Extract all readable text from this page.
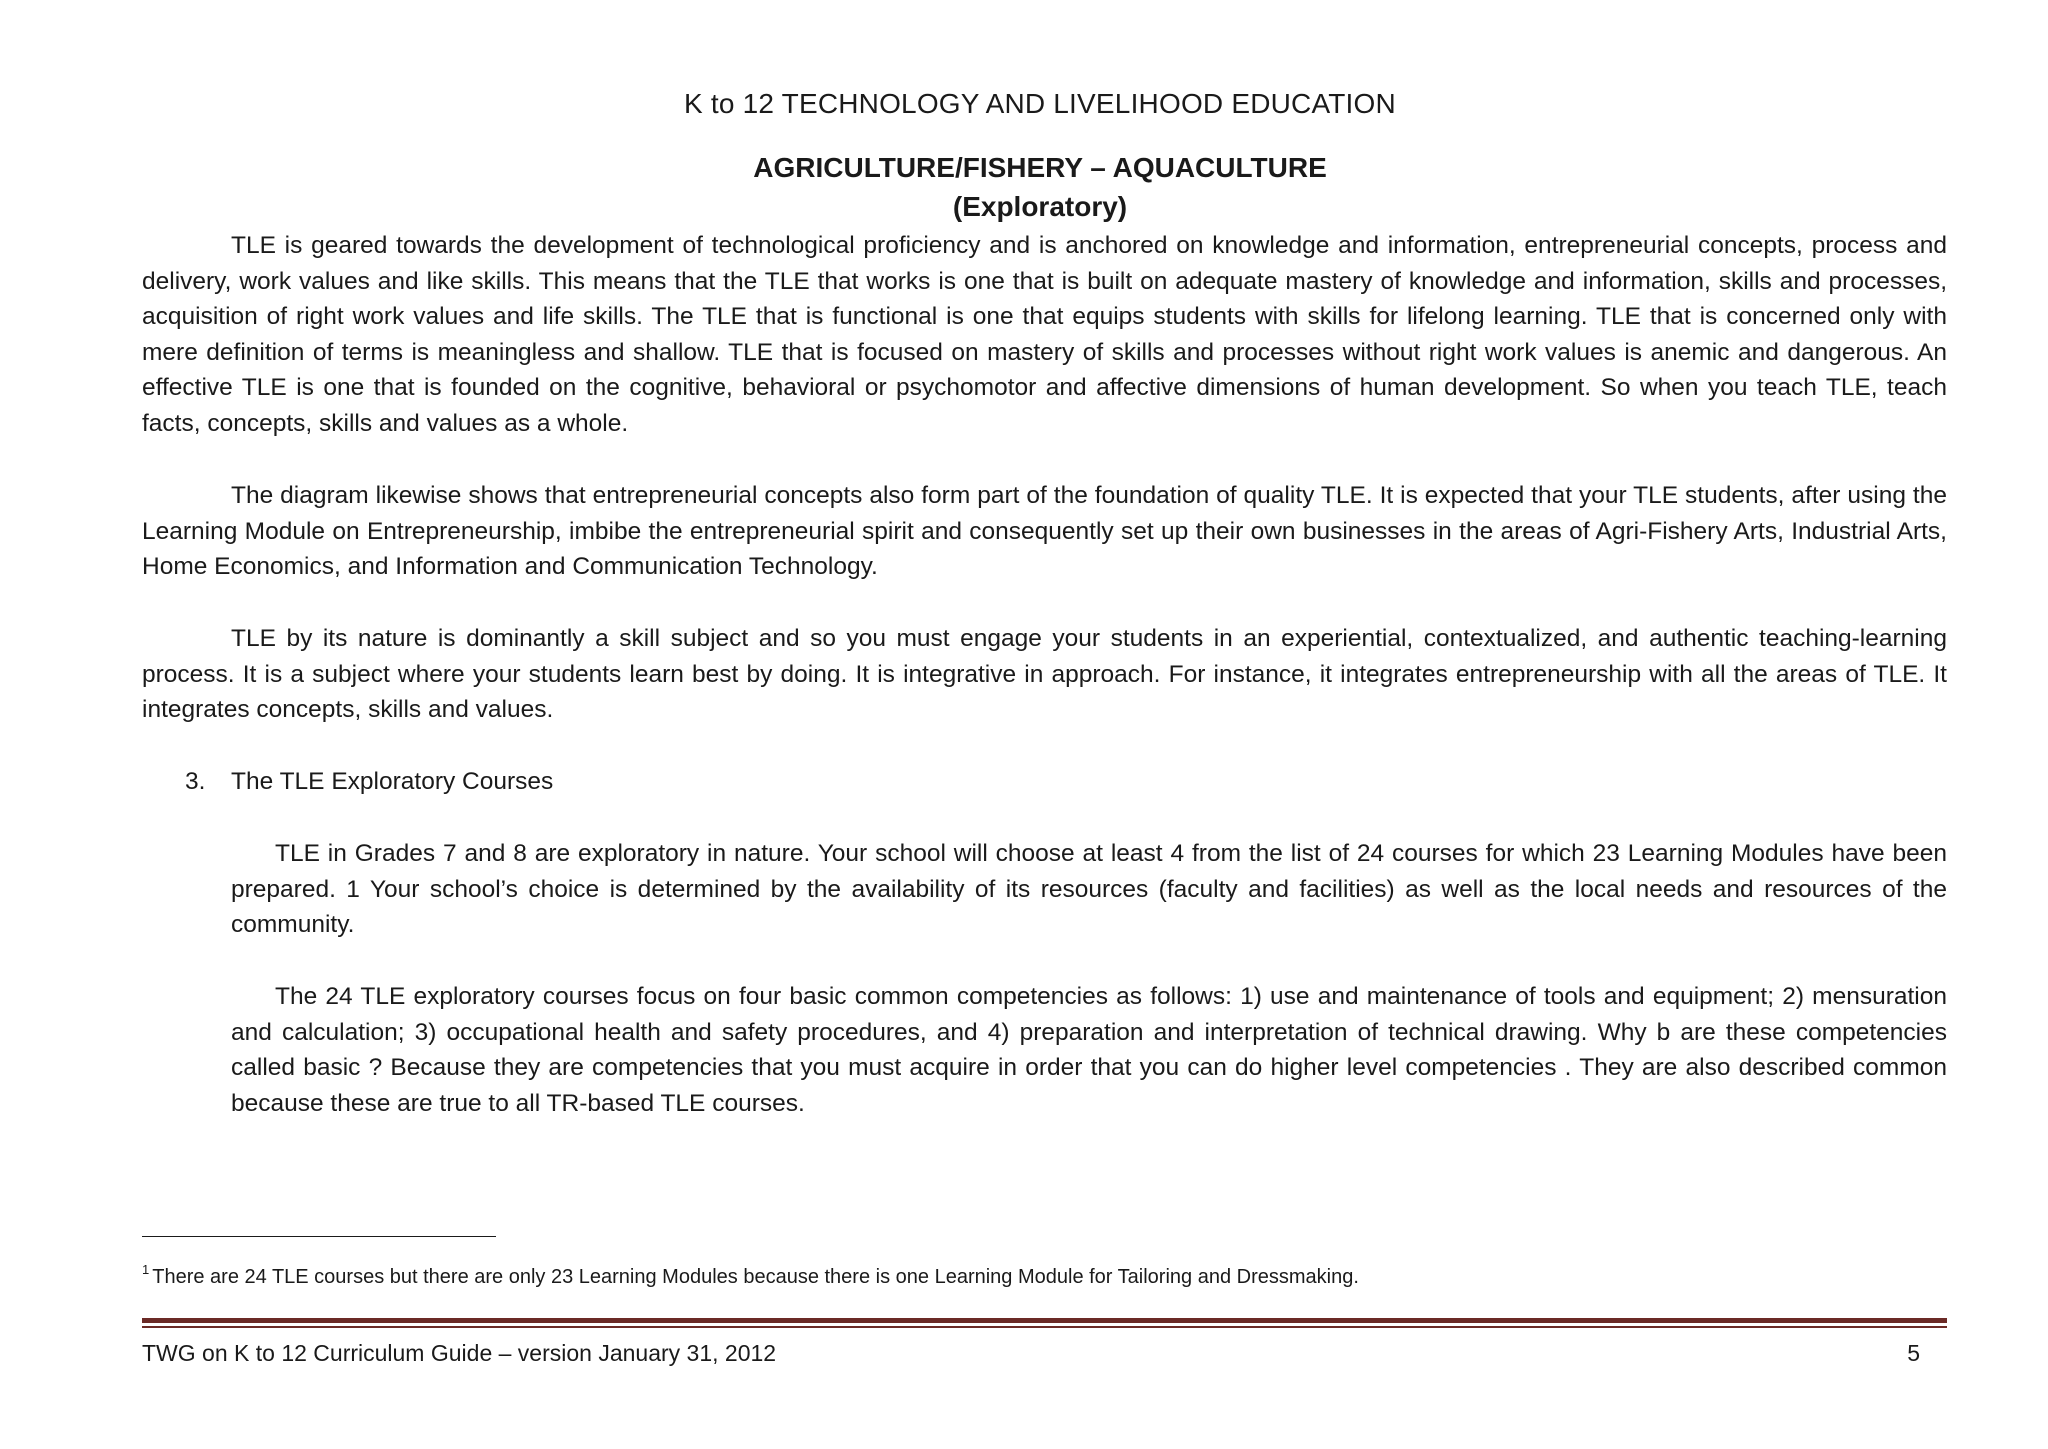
K to 12 TECHNOLOGY AND LIVELIHOOD EDUCATION
AGRICULTURE/FISHERY – AQUACULTURE
(Exploratory)

TLE is geared towards the development of technological proficiency and is anchored on knowledge and information, entrepreneurial concepts, process and delivery, work values and like skills. This means that the TLE that works is one that is built on adequate mastery of knowledge and information, skills and processes, acquisition of right work values and life skills. The TLE that is functional is one that equips students with skills for lifelong learning. TLE that is concerned only with mere definition of terms is meaningless and shallow. TLE that is focused on mastery of skills and processes without right work values is anemic and dangerous. An effective TLE is one that is founded on the cognitive, behavioral or psychomotor and affective dimensions of human development. So when you teach TLE, teach facts, concepts, skills and values as a whole.

The diagram likewise shows that entrepreneurial concepts also form part of the foundation of quality TLE. It is expected that your TLE students, after using the Learning Module on Entrepreneurship, imbibe the entrepreneurial spirit and consequently set up their own businesses in the areas of Agri-Fishery Arts, Industrial Arts, Home Economics, and Information and Communication Technology.

TLE by its nature is dominantly a skill subject and so you must engage your students in an experiential, contextualized, and authentic teaching-learning process. It is a subject where your students learn best by doing. It is integrative in approach. For instance, it integrates entrepreneurship with all the areas of TLE. It integrates concepts, skills and values.

3. The TLE Exploratory Courses

TLE in Grades 7 and 8 are exploratory in nature. Your school will choose at least 4 from the list of 24 courses for which 23 Learning Modules have been prepared. 1 Your school’s choice is determined by the availability of its resources (faculty and facilities) as well as the local needs and resources of the community.

The 24 TLE exploratory courses focus on four basic common competencies as follows: 1) use and maintenance of tools and equipment; 2) mensuration and calculation; 3) occupational health and safety procedures, and 4) preparation and interpretation of technical drawing. Why b are these competencies called basic ? Because they are competencies that you must acquire in order that you can do higher level competencies . They are also described common because these are true to all TR-based TLE courses.

$^1$ There are 24 TLE courses but there are only 23 Learning Modules because there is one Learning Module for Tailoring and Dressmaking.

TWG on K to 12 Curriculum Guide – version January 31, 2012	5
